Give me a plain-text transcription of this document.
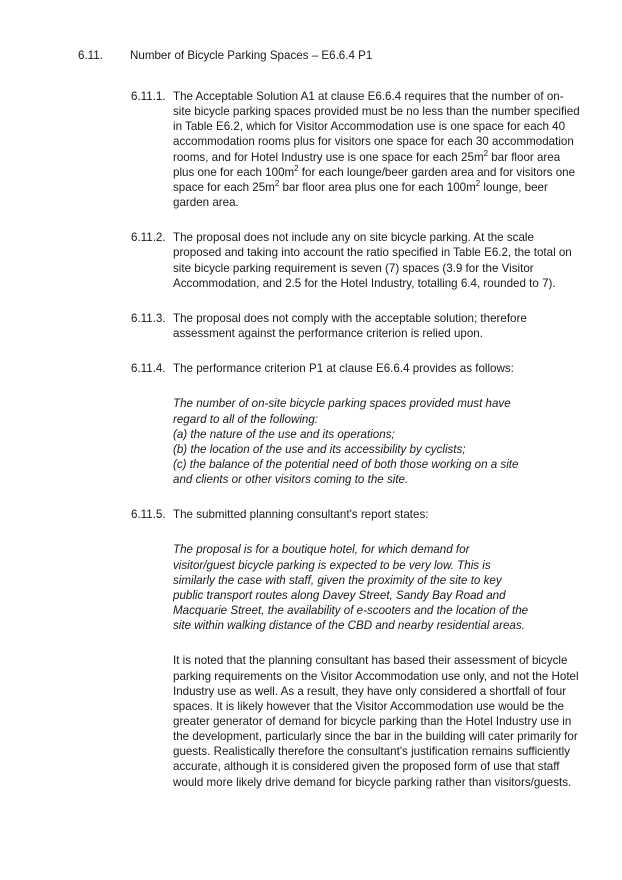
6.11. Number of Bicycle Parking Spaces – E6.6.4 P1
6.11.1. The Acceptable Solution A1 at clause E6.6.4 requires that the number of on-site bicycle parking spaces provided must be no less than the number specified in Table E6.2, which for Visitor Accommodation use is one space for each 40 accommodation rooms plus for visitors one space for each 30 accommodation rooms, and for Hotel Industry use is one space for each $25m^2$ bar floor area plus one for each $100m^2$ for each lounge/beer garden area and for visitors one space for each $25m^2$ bar floor area plus one for each $100m^2$ lounge, beer garden area.
6.11.2. The proposal does not include any on site bicycle parking. At the scale proposed and taking into account the ratio specified in Table E6.2, the total on site bicycle parking requirement is seven (7) spaces (3.9 for the Visitor Accommodation, and 2.5 for the Hotel Industry, totalling 6.4, rounded to 7).
6.11.3. The proposal does not comply with the acceptable solution; therefore assessment against the performance criterion is relied upon.
6.11.4. The performance criterion P1 at clause E6.6.4 provides as follows:
The number of on-site bicycle parking spaces provided must have
regard to all of the following:
(a) the nature of the use and its operations;
(b) the location of the use and its accessibility by cyclists;
(c) the balance of the potential need of both those working on a site
and clients or other visitors coming to the site.
6.11.5. The submitted planning consultant's report states:
The proposal is for a boutique hotel, for which demand for
visitor/guest bicycle parking is expected to be very low. This is
similarly the case with staff, given the proximity of the site to key
public transport routes along Davey Street, Sandy Bay Road and
Macquarie Street, the availability of e-scooters and the location of the
site within walking distance of the CBD and nearby residential areas.
It is noted that the planning consultant has based their assessment of bicycle parking requirements on the Visitor Accommodation use only, and not the Hotel Industry use as well. As a result, they have only considered a shortfall of four spaces. It is likely however that the Visitor Accommodation use would be the greater generator of demand for bicycle parking than the Hotel Industry use in the development, particularly since the bar in the building will cater primarily for guests. Realistically therefore the consultant's justification remains sufficiently accurate, although it is considered given the proposed form of use that staff would more likely drive demand for bicycle parking rather than visitors/guests.
